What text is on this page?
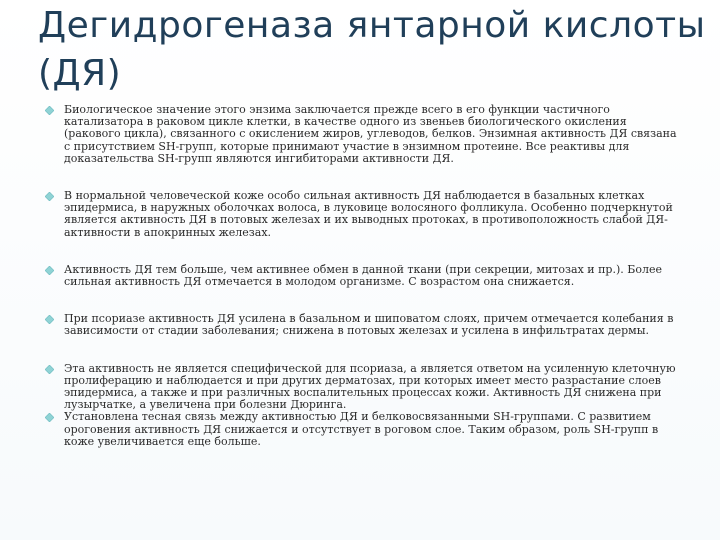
Дегидрогеназа янтарной кислоты (ДЯ)
Биологическое значение этого энзима заключается прежде всего в его функции частичного катализатора в раковом цикле клетки, в качестве одного из звеньев биологического окисления (ракового цикла), связанного с окислением жиров, углеводов, белков. Энзимная активность ДЯ связана с присутствием SH-групп, которые принимают участие в энзимном протеине. Все реактивы для доказательства SH-групп являются ингибиторами активности ДЯ.
В нормальной человеческой коже особо сильная активность ДЯ наблюдается в базальных клетках эпидермиса, в наружных оболочках волоса, в луковице волосяного фолликула. Особенно подчеркнутой является активность ДЯ в потовых железах и их выводных протоках, в противоположность слабой ДЯ-активности в апокринных железах.
Активность ДЯ тем больше, чем активнее обмен в данной ткани (при секреции, митозах и пр.). Более сильная активность ДЯ отмечается в молодом организме. С возрастом она снижается.
При псориазе активность ДЯ усилена в базальном и шиповатом слоях, причем отмечается колебания в зависимости от стадии заболевания; снижена в потовых железах и усилена в инфильтратах дермы.
Эта активность не является специфической для псориаза, а является ответом на усиленную клеточную пролиферацию и наблюдается и при других дерматозах, при которых имеет место разрастание слоев эпидермиса, а также и при различных воспалительных процессах кожи. Активность ДЯ снижена при лузырчатке, а увеличена при болезни Дюринга.
Установлена тесная связь между активностью ДЯ и белковосвязанными SH-группами. С развитием ороговения активность ДЯ снижается и отсутствует в роговом слое. Таким образом, роль SH-групп в коже увеличивается еще больше.
